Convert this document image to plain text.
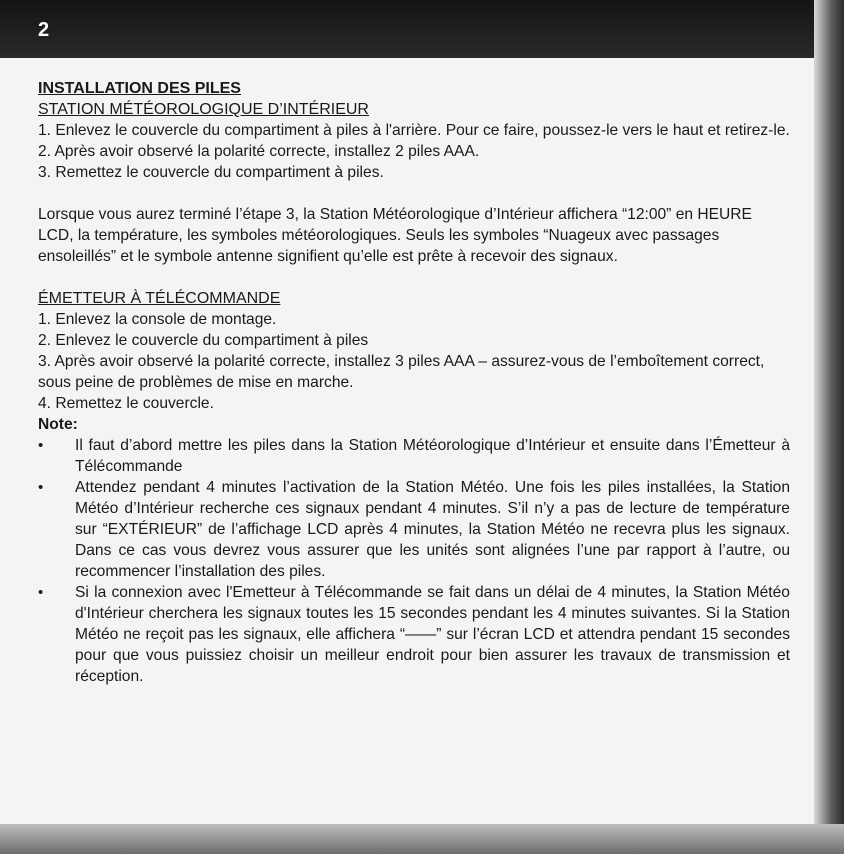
2
INSTALLATION DES PILES
STATION MÉTÉOROLOGIQUE D’INTÉRIEUR

1. Enlevez le couvercle du compartiment à piles à l'arrière. Pour ce faire, poussez-le vers le haut et retirez-le.

2. Après avoir observé la polarité correcte, installez 2 piles AAA.

3. Remettez le couvercle du compartiment à piles.

Lorsque vous aurez terminé l’étape 3, la Station Météorologique d’Intérieur affichera “12:00” en HEURE LCD, la température, les symboles météorologiques. Seuls les symboles “Nuageux avec passages ensoleillés” et le symbole antenne signifient qu’elle est prête à recevoir des signaux.

ÉMETTEUR À TÉLÉCOMMANDE

1. Enlevez la console de montage.

2. Enlevez le couvercle du compartiment à piles

3. Après avoir observé la polarité correcte, installez 3 piles AAA – assurez-vous de l’emboîtement correct, sous peine de problèmes de mise en marche.

4. Remettez le couvercle.

Note:

• Il faut d’abord mettre les piles dans la Station Météorologique d’Intérieur et ensuite dans l’Émetteur à Télécommande
• Attendez pendant 4 minutes l’activation de la Station Météo. Une fois les piles installées, la Station Météo d’Intérieur recherche ces signaux pendant 4 minutes. S’il n’y a pas de lecture de température sur “EXTÉRIEUR” de l’affichage LCD après 4 minutes, la Station Météo ne recevra plus les signaux. Dans ce cas vous devrez vous assurer que les unités sont alignées l’une par rapport à l’autre, ou recommencer l’installation des piles.
• Si la connexion avec l'Emetteur à Télécommande se fait dans un délai de 4 minutes, la Station Météo d'Intérieur cherchera les signaux toutes les 15 secondes pendant les 4 minutes suivantes. Si la Station Météo ne reçoit pas les signaux, elle affichera “——” sur l’écran LCD et attendra pendant 15 secondes pour que vous puissiez choisir un meilleur endroit pour bien assurer les travaux de transmission et réception.
